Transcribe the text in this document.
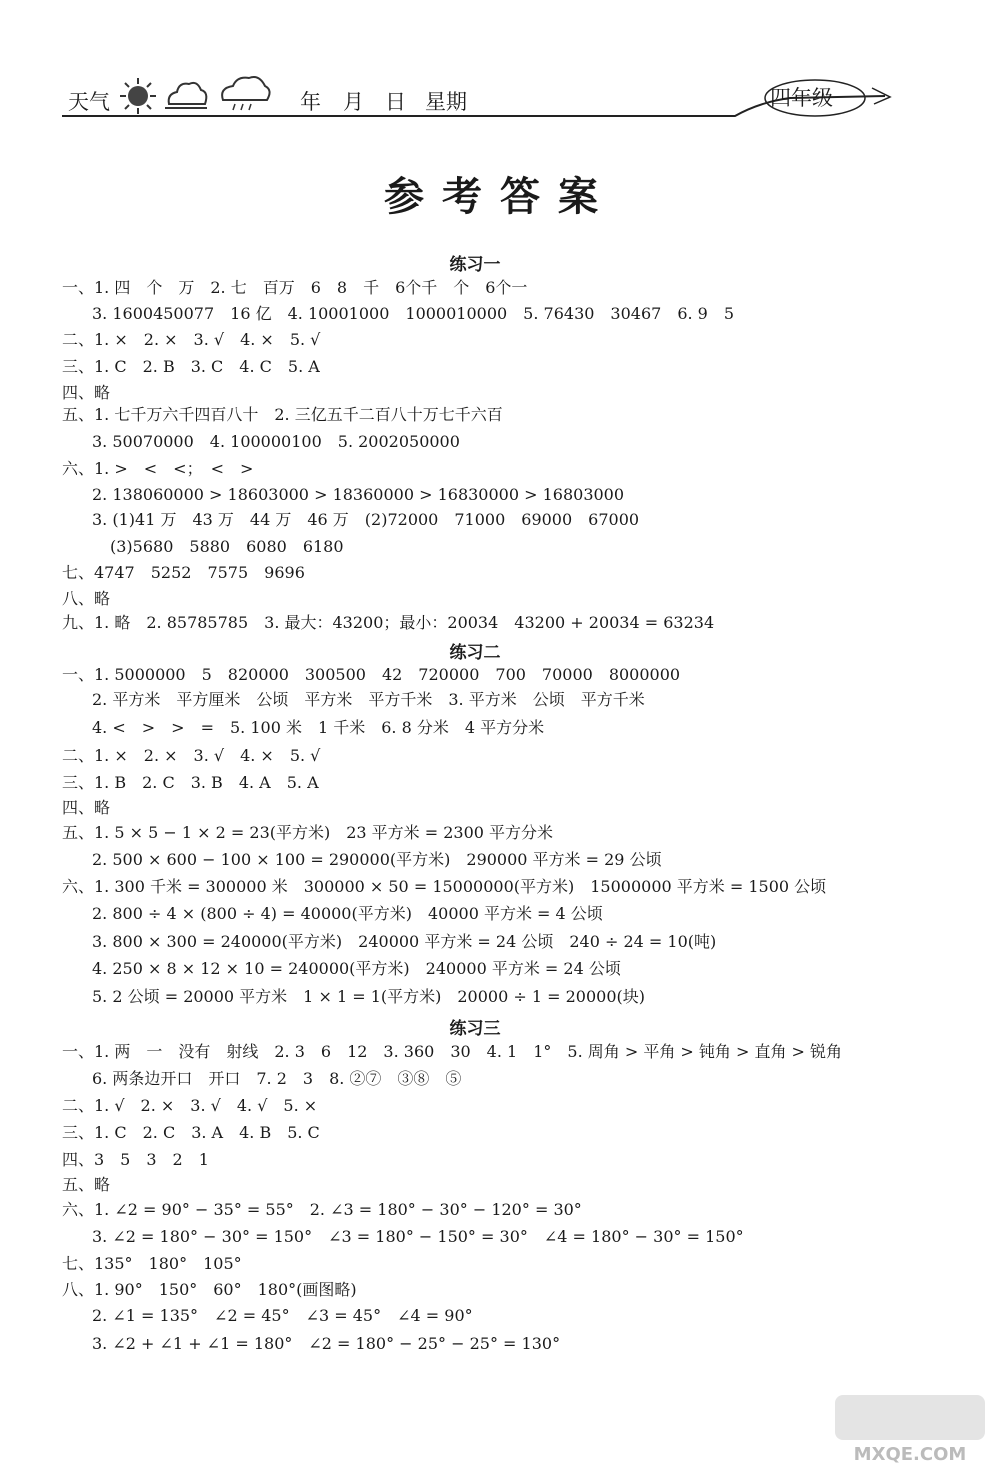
天气	年 月 日 星期	四年级
参考答案
练习一
一、1. 四　个　万　2. 七　百万　6　8　千　6个千　个　6个一
3. 1600450077　16 亿　4. 10001000　1000010000　5. 76430　30467　6. 9　5
二、1. ×　2. ×　3. √　4. ×　5. √
三、1. C　2. B　3. C　4. C　5. A
四、略
五、1. 七千万六千四百八十　2. 三亿五千二百八十万七千六百
3. 50070000　4. 100000100　5. 2002050000
六、1. >　<　<；　<　>
2. 138060000 > 18603000 > 18360000 > 16830000 > 16803000
3. (1)41 万　43 万　44 万　46 万　(2)72000　71000　69000　67000
(3)5680　5880　6080　6180
七、4747　5252　7575　9696
八、略
九、1. 略　2. 85785785　3. 最大：43200；最小：20034　43200 + 20034 = 63234
练习二
一、1. 5000000　5　820000　300500　42　720000　700　70000　8000000
2. 平方米　平方厘米　公顷　平方米　平方千米　3. 平方米　公顷　平方千米
4. <　>　>　=　5. 100 米　1 千米　6. 8 分米　4 平方分米
二、1. ×　2. ×　3. √　4. ×　5. √
三、1. B　2. C　3. B　4. A　5. A
四、略
五、1. 5 × 5 − 1 × 2 = 23(平方米)　23 平方米 = 2300 平方分米
2. 500 × 600 − 100 × 100 = 290000(平方米)　290000 平方米 = 29 公顷
六、1. 300 千米 = 300000 米　300000 × 50 = 15000000(平方米)　15000000 平方米 = 1500 公顷
2. 800 ÷ 4 × (800 ÷ 4) = 40000(平方米)　40000 平方米 = 4 公顷
3. 800 × 300 = 240000(平方米)　240000 平方米 = 24 公顷　240 ÷ 24 = 10(吨)
4. 250 × 8 × 12 × 10 = 240000(平方米)　240000 平方米 = 24 公顷
5. 2 公顷 = 20000 平方米　1 × 1 = 1(平方米)　20000 ÷ 1 = 20000(块)
练习三
一、1. 两　一　没有　射线　2. 3　6　12　3. 360　30　4. 1　1°　5. 周角 > 平角 > 钝角 > 直角 > 锐角
6. 两条边开口　开口　7. 2　3　8. ②⑦　③⑧　⑤
二、1. √　2. ×　3. √　4. √　5. ×
三、1. C　2. C　3. A　4. B　5. C
四、3　5　3　2　1
五、略
六、1. ∠2 = 90° − 35° = 55°　2. ∠3 = 180° − 30° − 120° = 30°
3. ∠2 = 180° − 30° = 150°　∠3 = 180° − 150° = 30°　∠4 = 180° − 30° = 150°
七、135°　180°　105°
八、1. 90°　150°　60°　180°(画图略)
2. ∠1 = 135°　∠2 = 45°　∠3 = 45°　∠4 = 90°
3. ∠2 + ∠1 + ∠1 = 180°　∠2 = 180° − 25° − 25° = 130°
MXQE.COM
